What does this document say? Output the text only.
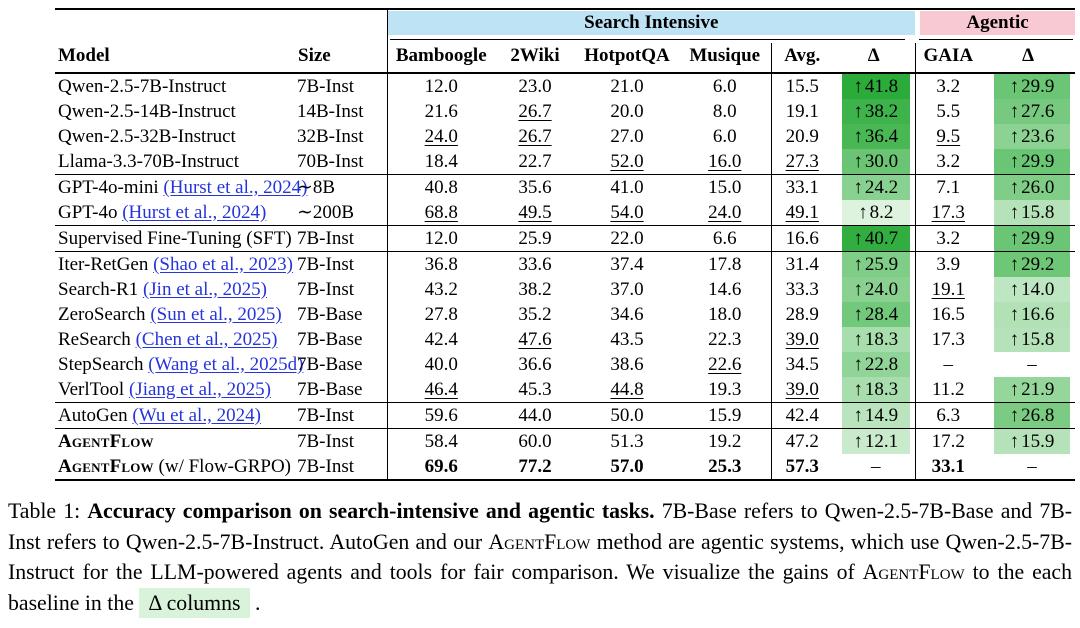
Search Intensive						Agentic	

Model	Size	Bamboogle	2Wiki	HotpotQA	Musique	Avg.	Δ	GAIA	Δ
Qwen-2.5-7B-Instruct	7B-Inst	12.0	23.0	21.0	6.0	15.5	↑ 41.8	3.2	↑ 29.9

Qwen-2.5-14B-Instruct	14B-Inst	21.6	26.7	20.0	8.0	19.1	↑ 38.2	5.5	↑ 27.6

Qwen-2.5-32B-Instruct	32B-Inst	24.0	26.7	27.0	6.0	20.9	↑ 36.4	9.5	↑ 23.6

Llama-3.3-70B-Instruct	70B-Inst	18.4	22.7	52.0	16.0	27.3	↑ 30.0	3.2	↑ 29.9

GPT-4o-mini (Hurst et al., 2024)	∼8B	40.8	35.6	41.0	15.0	33.1	↑ 24.2	7.1	↑ 26.0

GPT-4o (Hurst et al., 2024)	∼200B	68.8	49.5	54.0	24.0	49.1	↑ 8.2	17.3	↑ 15.8

Supervised Fine-Tuning (SFT)	7B-Inst	12.0	25.9	22.0	6.6	16.6	↑ 40.7	3.2	↑ 29.9

Iter-RetGen (Shao et al., 2023)	7B-Inst	36.8	33.6	37.4	17.8	31.4	↑ 25.9	3.9	↑ 29.2

Search-R1 (Jin et al., 2025)	7B-Inst	43.2	38.2	37.0	14.6	33.3	↑ 24.0	19.1	↑ 14.0

ZeroSearch (Sun et al., 2025)	7B-Base	27.8	35.2	34.6	18.0	28.9	↑ 28.4	16.5	↑ 16.6

ReSearch (Chen et al., 2025)	7B-Base	42.4	47.6	43.5	22.3	39.0	↑ 18.3	17.3	↑ 15.8

StepSearch (Wang et al., 2025d)	7B-Base	40.0	36.6	38.6	22.6	34.5	↑ 22.8	–	–

VerlTool (Jiang et al., 2025)	7B-Base	46.4	45.3	44.8	19.3	39.0	↑ 18.3	11.2	↑ 21.9

AutoGen (Wu et al., 2024)	7B-Inst	59.6	44.0	50.0	15.9	42.4	↑ 14.9	6.3	↑ 26.8

AgentFlow	7B-Inst	58.4	60.0	51.3	19.2	47.2	↑ 12.1	17.2	↑ 15.9

AgentFlow (w/ Flow-GRPO)	7B-Inst	69.6	77.2	57.0	25.3	57.3	–	33.1	–

Table 1: Accuracy comparison on search-intensive and agentic tasks. 7B-Base refers to Qwen-2.5-7B-Base and 7B-Inst refers to Qwen-2.5-7B-Instruct. AutoGen and our AgentFlow method are agentic systems, which use Qwen-2.5-7B-Instruct for the LLM-powered agents and tools for fair comparison. We visualize the gains of AgentFlow to the each baseline in the Δ columns .
